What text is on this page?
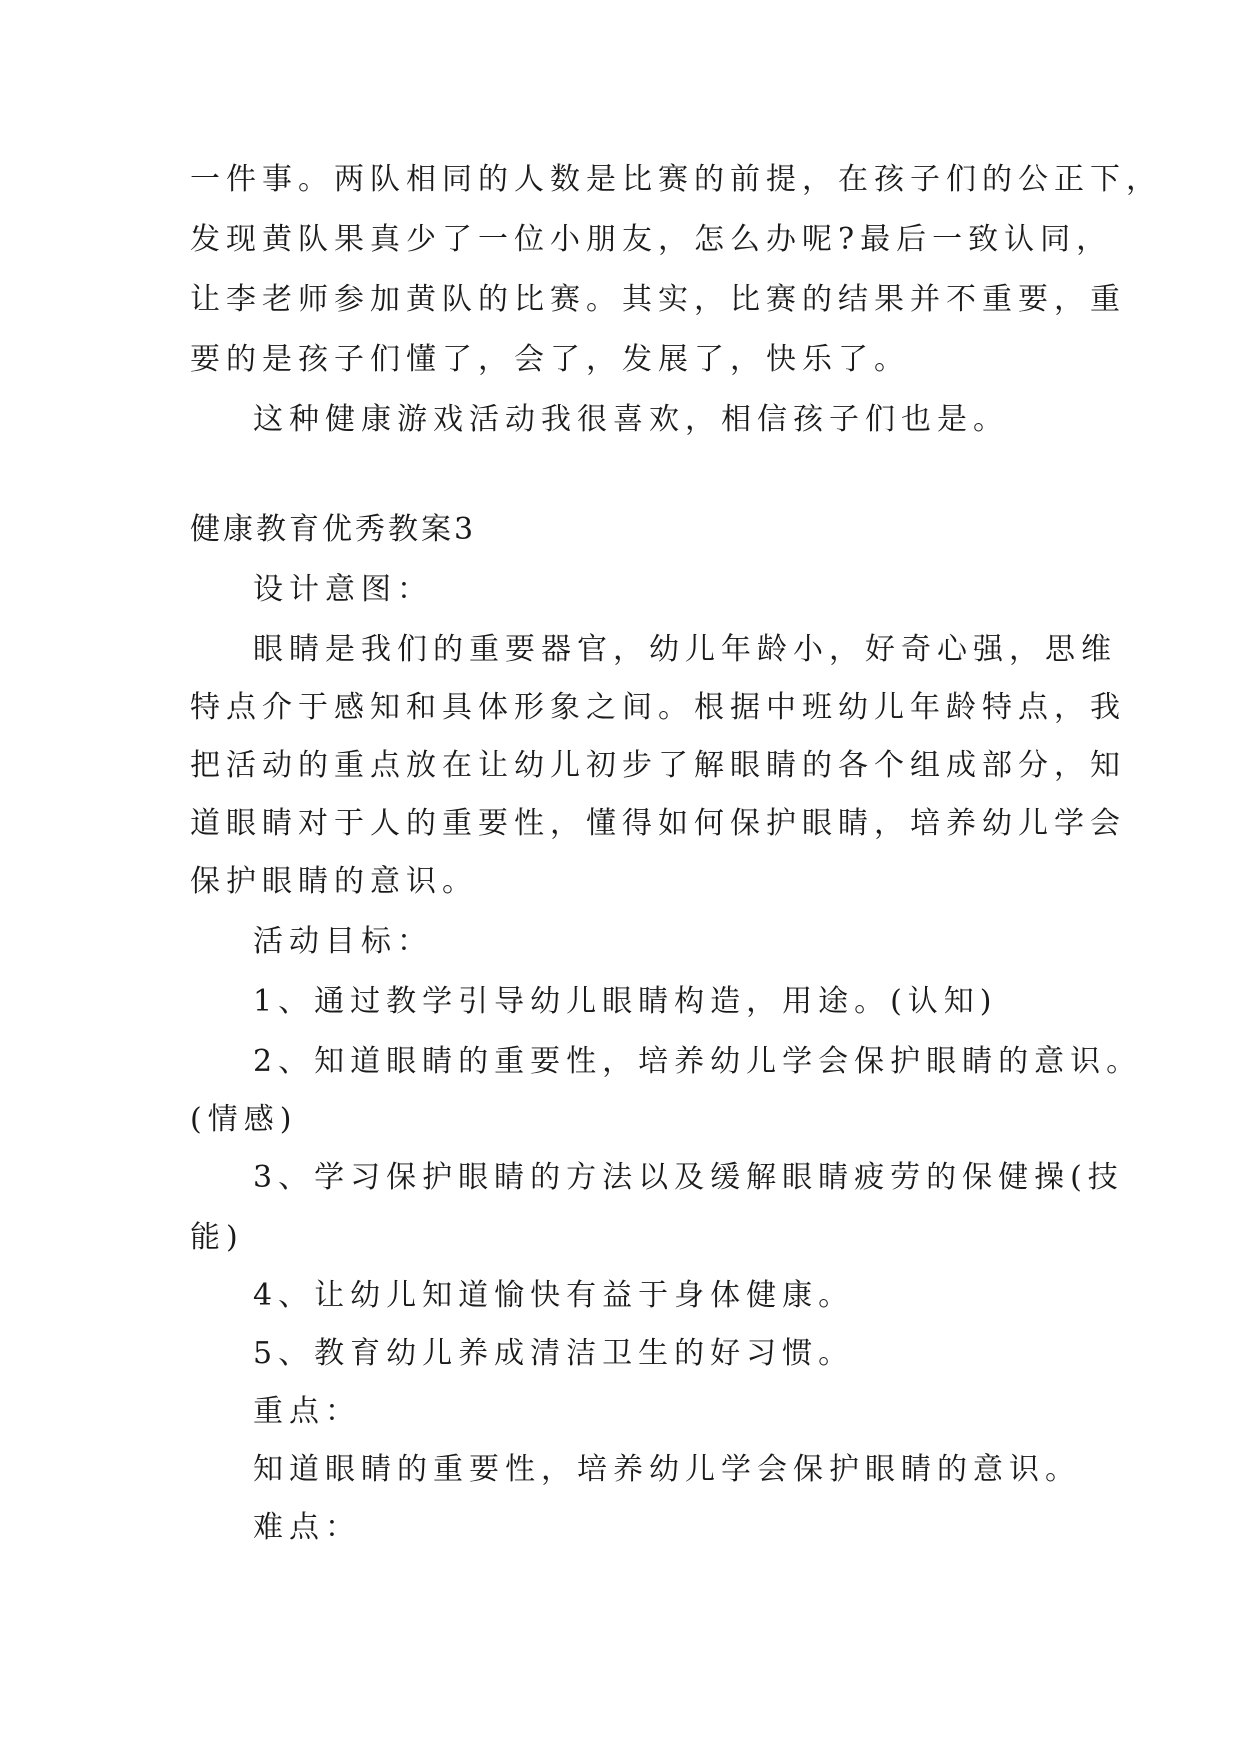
一件事。两队相同的人数是比赛的前提，在孩子们的公正下，
发现黄队果真少了一位小朋友，怎么办呢?最后一致认同，
让李老师参加黄队的比赛。其实，比赛的结果并不重要，重
要的是孩子们懂了，会了，发展了，快乐了。
这种健康游戏活动我很喜欢，相信孩子们也是。
健康教育优秀教案3
设计意图：
眼睛是我们的重要器官，幼儿年龄小，好奇心强，思维
特点介于感知和具体形象之间。根据中班幼儿年龄特点，我
把活动的重点放在让幼儿初步了解眼睛的各个组成部分，知
道眼睛对于人的重要性，懂得如何保护眼睛，培养幼儿学会
保护眼睛的意识。
活动目标：
1、通过教学引导幼儿眼睛构造，用途。(认知)
2、知道眼睛的重要性，培养幼儿学会保护眼睛的意识。
(情感)
3、学习保护眼睛的方法以及缓解眼睛疲劳的保健操(技
能)
4、让幼儿知道愉快有益于身体健康。
5、教育幼儿养成清洁卫生的好习惯。
重点：
知道眼睛的重要性，培养幼儿学会保护眼睛的意识。
难点：
